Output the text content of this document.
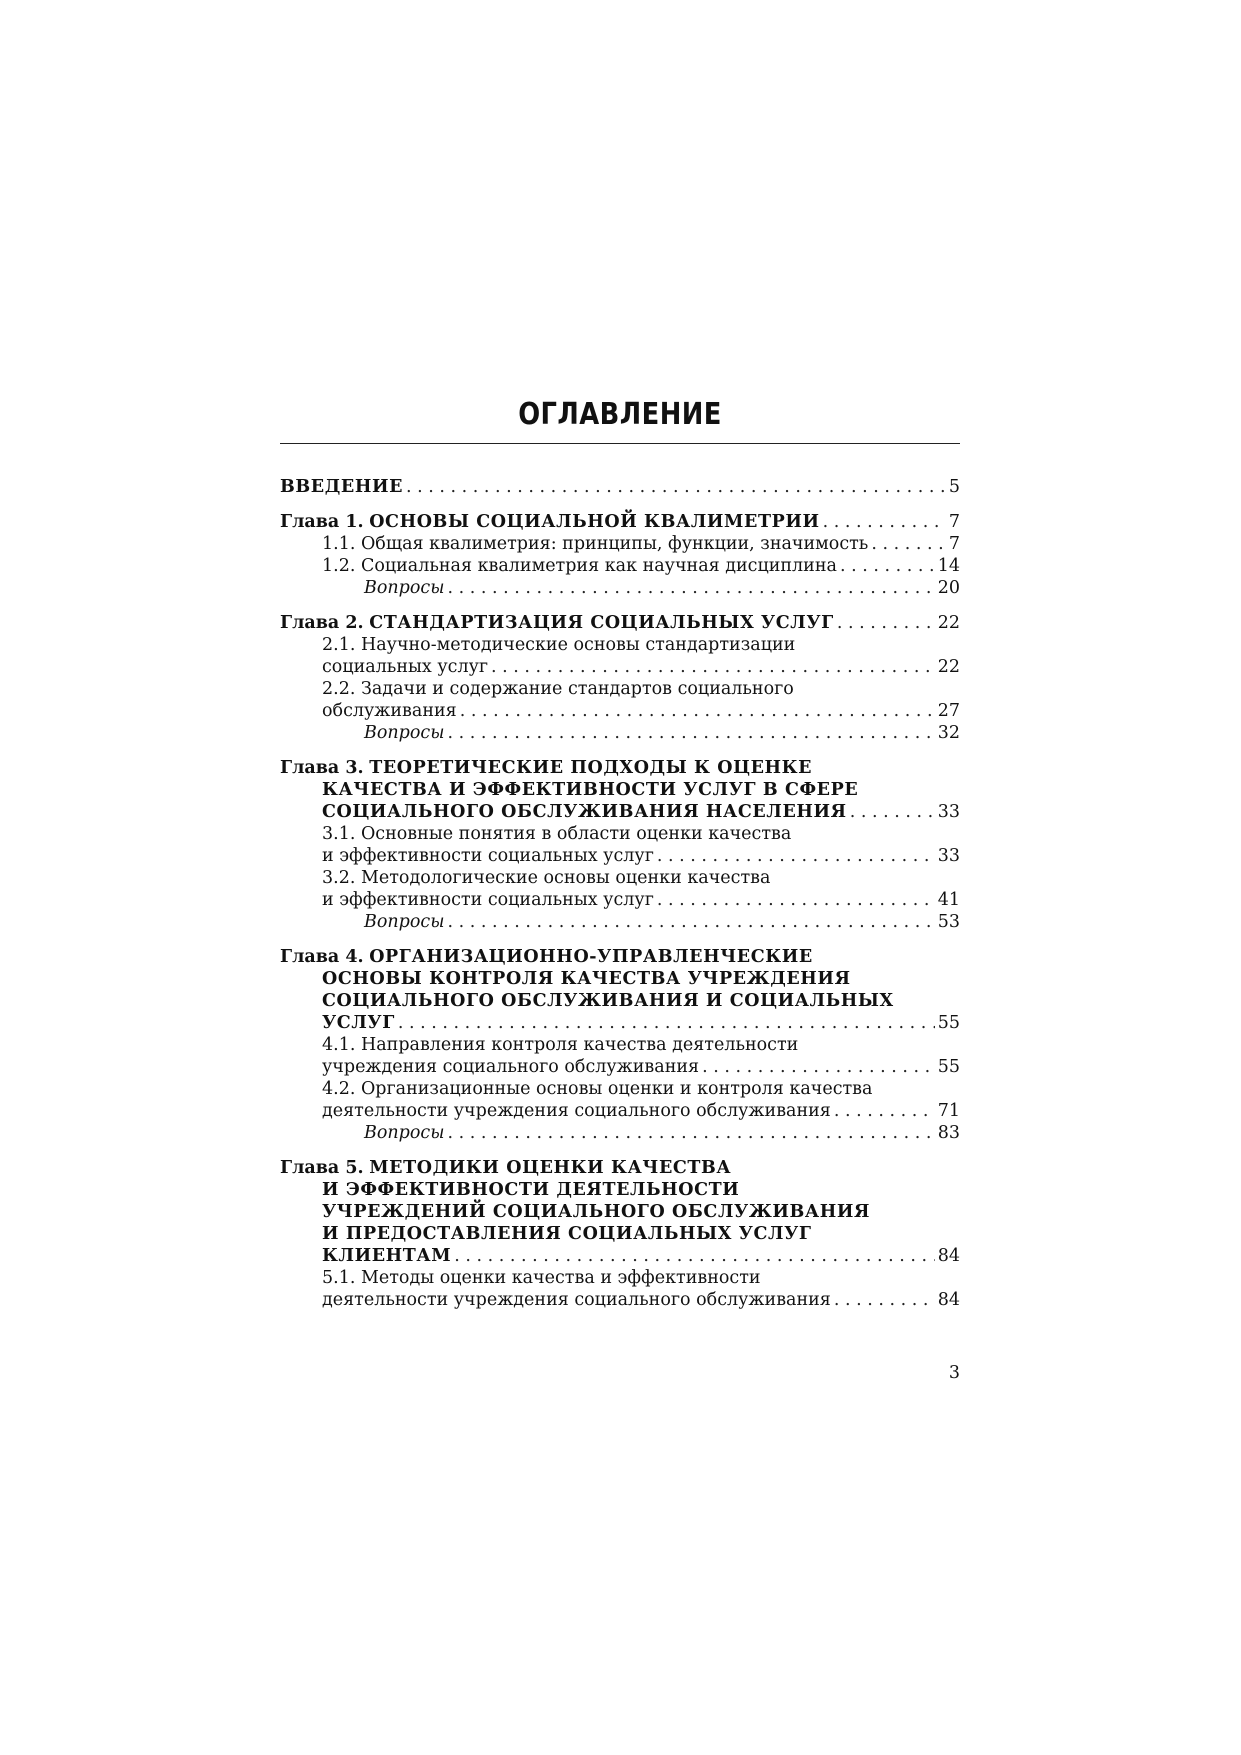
ОГЛАВЛЕНИЕ
ВВЕДЕНИЕ . . .	5
Глава 1.
ОСНОВЫ СОЦИАЛЬНОЙ КВАЛИМЕТРИИ . . .	7
1.1. Общая квалиметрия: принципы, функции, значимость . . .	7
1.2. Социальная квалиметрия как научная дисциплина . . .	14
Вопросы . . .	20
Глава 2.
СТАНДАРТИЗАЦИЯ СОЦИАЛЬНЫХ УСЛУГ . . .	22
2.1. Научно-методические основы стандартизации
социальных услуг . . .	22
2.2. Задачи и содержание стандартов социального
обслуживания . . .	27
Вопросы . . .	32
Глава 3. ТЕОРЕТИЧЕСКИЕ ПОДХОДЫ К ОЦЕНКЕ
КАЧЕСТВА И ЭФФЕКТИВНОСТИ УСЛУГ В СФЕРЕ
СОЦИАЛЬНОГО ОБСЛУЖИВАНИЯ НАСЕЛЕНИЯ . . .	33
3.1. Основные понятия в области оценки качества
и эффективности социальных услуг . . .	33
3.2. Методологические основы оценки качества
и эффективности социальных услуг . . .	41
Вопросы . . .	53
Глава 4. ОРГАНИЗАЦИОННО-УПРАВЛЕНЧЕСКИЕ
ОСНОВЫ КОНТРОЛЯ КАЧЕСТВА УЧРЕЖДЕНИЯ
СОЦИАЛЬНОГО ОБСЛУЖИВАНИЯ И СОЦИАЛЬНЫХ
УСЛУГ . . .	55
4.1. Направления контроля качества деятельности
учреждения социального обслуживания . . .	55
4.2. Организационные основы оценки и контроля качества
деятельности учреждения социального обслуживания . . .	71
Вопросы . . .	83
Глава 5. МЕТОДИКИ ОЦЕНКИ КАЧЕСТВА
И ЭФФЕКТИВНОСТИ ДЕЯТЕЛЬНОСТИ
УЧРЕЖДЕНИЙ СОЦИАЛЬНОГО ОБСЛУЖИВАНИЯ
И ПРЕДОСТАВЛЕНИЯ СОЦИАЛЬНЫХ УСЛУГ
КЛИЕНТАМ . . .	84
5.1. Методы оценки качества и эффективности
деятельности учреждения социального обслуживания . . .	84
3
